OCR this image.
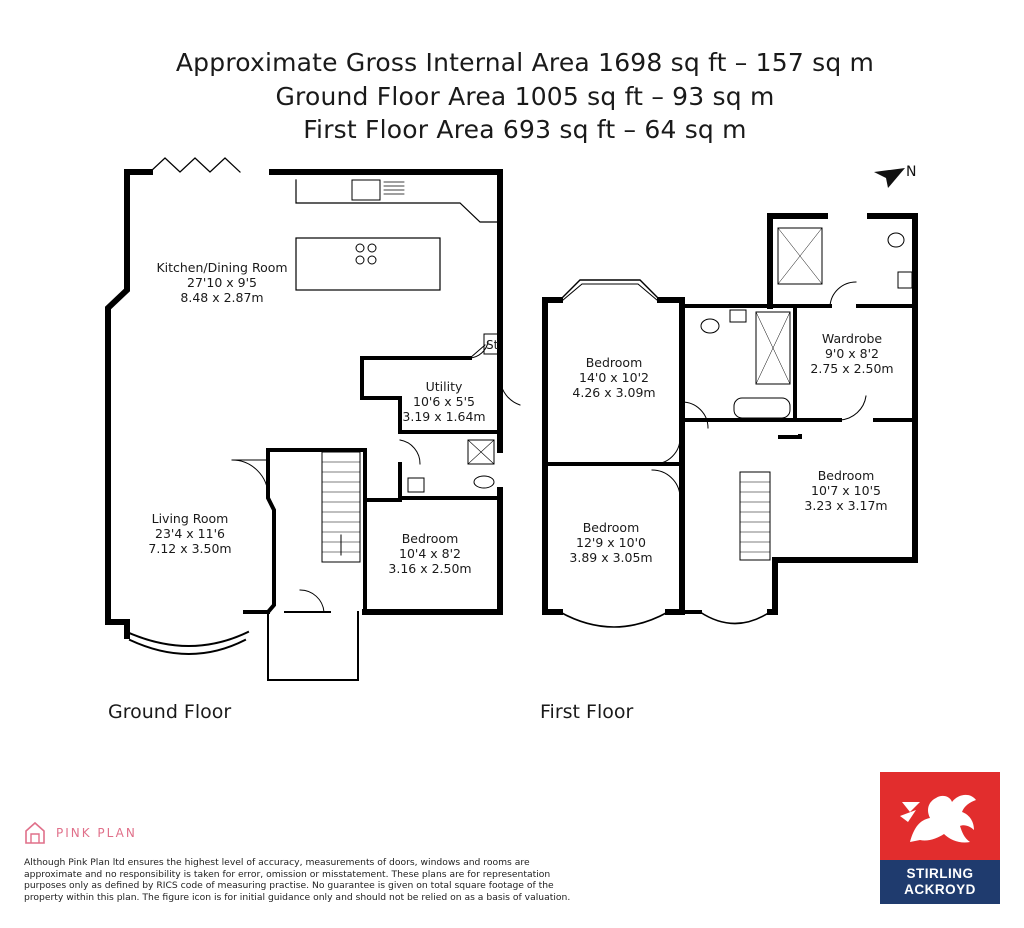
Approximate Gross Internal Area 1698 sq ft – 157 sq m
Ground Floor Area 1005 sq ft – 93 sq m
First Floor Area 693 sq ft – 64 sq m
N
Kitchen/Dining Room
27'10 x 9'5
8.48 x 2.87m
Utility
10'6 x 5'5
3.19 x 1.64m
Living Room
23'4 x 11'6
7.12 x 3.50m
Bedroom
10'4 x 8'2
3.16 x 2.50m
St
Bedroom
14'0 x 10'2
4.26 x 3.09m
Wardrobe
9'0 x 8'2
2.75 x 2.50m
Bedroom
10'7 x 10'5
3.23 x 3.17m
Bedroom
12'9 x 10'0
3.89 x 3.05m
Ground Floor	First Floor
PINK PLAN
Although Pink Plan ltd ensures the highest level of accuracy, measurements of doors, windows and rooms are approximate and no responsibility is taken for error, omission or misstatement. These plans are for representation purposes only as defined by RICS code of measuring practise. No guarantee is given on total square footage of the property within this plan. The figure icon is for initial guidance only and should not be relied on as a basis of valuation.
STIRLING
ACKROYD
